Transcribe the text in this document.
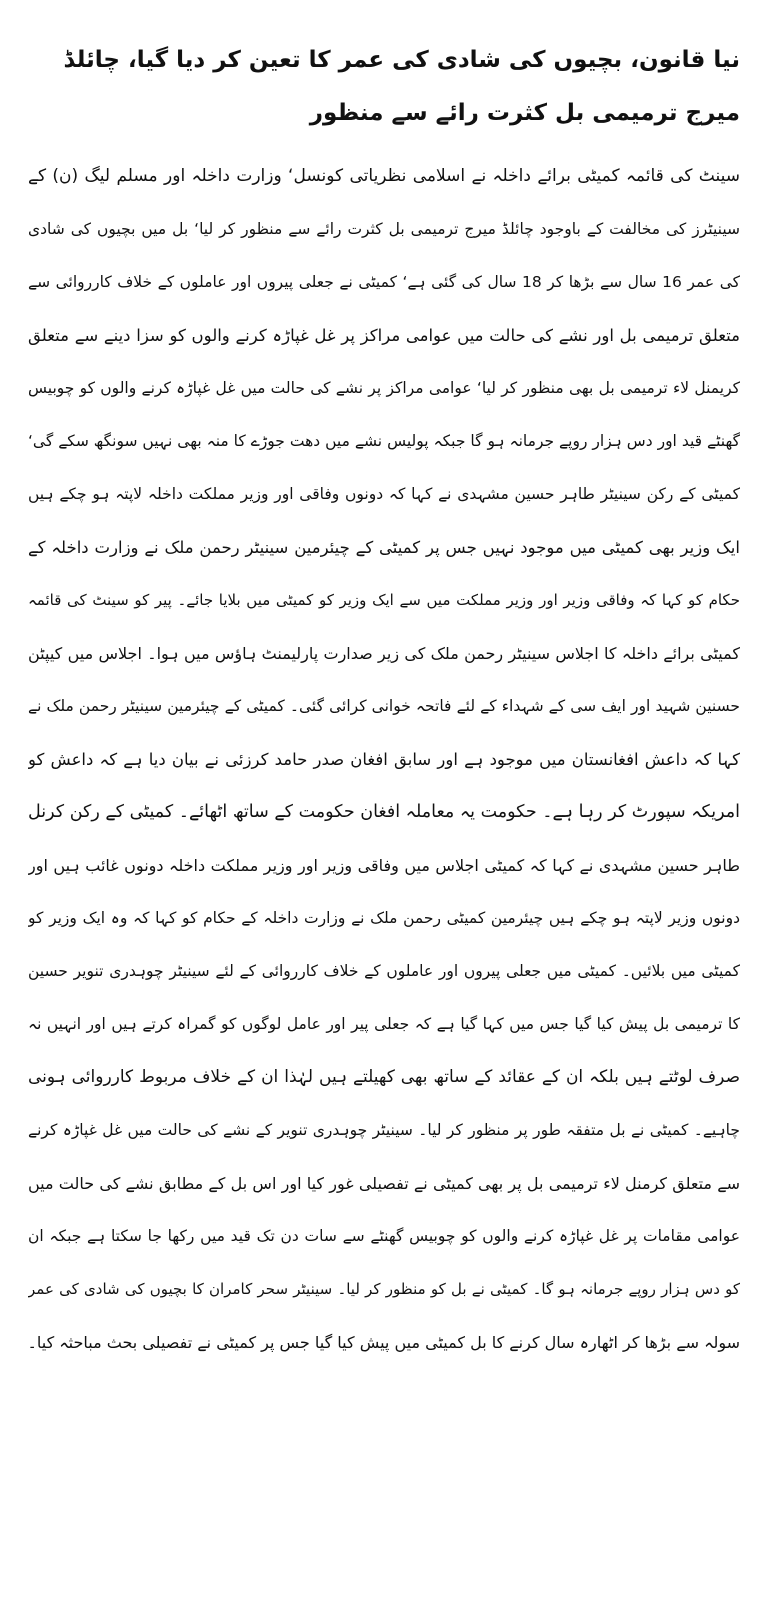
نیا قانون، بچیوں کی شادی کی عمر کا تعین کر دیا گیا، چائلڈ میرج ترمیمی بل کثرت رائے سے منظور
سینٹ کی قائمہ کمیٹی برائے داخلہ نے اسلامی نظریاتی کونسل‘ وزارت داخلہ اور مسلم لیگ (ن) کے
سینیٹرز کی مخالفت کے باوجود چائلڈ میرج ترمیمی بل کثرت رائے سے منظور کر لیا‘ بل میں بچیوں کی شادی
کی عمر 16 سال سے بڑھا کر 18 سال کی گئی ہے‘ کمیٹی نے جعلی پیروں اور عاملوں کے خلاف کارروائی سے
متعلق ترمیمی بل اور نشے کی حالت میں عوامی مراکز پر غل غپاڑہ کرنے والوں کو سزا دینے سے متعلق
کریمنل لاء ترمیمی بل بھی منظور کر لیا‘ عوامی مراکز پر نشے کی حالت میں غل غپاڑہ کرنے والوں کو چوبیس
گھنٹے قید اور دس ہزار روپے جرمانہ ہو گا جبکہ پولیس نشے میں دھت جوڑے کا منہ بھی نہیں سونگھ سکے گی‘
کمیٹی کے رکن سینیٹر طاہر حسین مشہدی نے کہا کہ دونوں وفاقی اور وزیر مملکت داخلہ لاپتہ ہو چکے ہیں
ایک وزیر بھی کمیٹی میں موجود نہیں جس پر کمیٹی کے چیئرمین سینیٹر رحمن ملک نے وزارت داخلہ کے
حکام کو کہا کہ وفاقی وزیر اور وزیر مملکت میں سے ایک وزیر کو کمیٹی میں بلایا جائے۔ پیر کو سینٹ کی قائمہ
کمیٹی برائے داخلہ کا اجلاس سینیٹر رحمن ملک کی زیر صدارت پارلیمنٹ ہاؤس میں ہوا۔ اجلاس میں کیپٹن
حسنین شہید اور ایف سی کے شہداء کے لئے فاتحہ خوانی کرائی گئی۔ کمیٹی کے چیئرمین سینیٹر رحمن ملک نے
کہا کہ داعش افغانستان میں موجود ہے اور سابق افغان صدر حامد کرزئی نے بیان دیا ہے کہ داعش کو
امریکہ سپورٹ کر رہا ہے۔ حکومت یہ معاملہ افغان حکومت کے ساتھ اٹھائے۔ کمیٹی کے رکن کرنل
طاہر حسین مشہدی نے کہا کہ کمیٹی اجلاس میں وفاقی وزیر اور وزیر مملکت داخلہ دونوں غائب ہیں اور
دونوں وزیر لاپتہ ہو چکے ہیں چیئرمین کمیٹی رحمن ملک نے وزارت داخلہ کے حکام کو کہا کہ وہ ایک وزیر کو
کمیٹی میں بلائیں۔ کمیٹی میں جعلی پیروں اور عاملوں کے خلاف کارروائی کے لئے سینیٹر چوہدری تنویر حسین
کا ترمیمی بل پیش کیا گیا جس میں کہا گیا ہے کہ جعلی پیر اور عامل لوگوں کو گمراہ کرتے ہیں اور انہیں نہ
صرف لوٹتے ہیں بلکہ ان کے عقائد کے ساتھ بھی کھیلتے ہیں لہٰذا ان کے خلاف مربوط کارروائی ہونی
چاہیے۔ کمیٹی نے بل متفقہ طور پر منظور کر لیا۔ سینیٹر چوہدری تنویر کے نشے کی حالت میں غل غپاڑہ کرنے
سے متعلق کرمنل لاء ترمیمی بل پر بھی کمیٹی نے تفصیلی غور کیا اور اس بل کے مطابق نشے کی حالت میں
عوامی مقامات پر غل غپاڑہ کرنے والوں کو چوبیس گھنٹے سے سات دن تک قید میں رکھا جا سکتا ہے جبکہ ان
کو دس ہزار روپے جرمانہ ہو گا۔ کمیٹی نے بل کو منظور کر لیا۔ سینیٹر سحر کامران کا بچیوں کی شادی کی عمر
سولہ سے بڑھا کر اٹھارہ سال کرنے کا بل کمیٹی میں پیش کیا گیا جس پر کمیٹی نے تفصیلی بحث مباحثہ کیا۔
